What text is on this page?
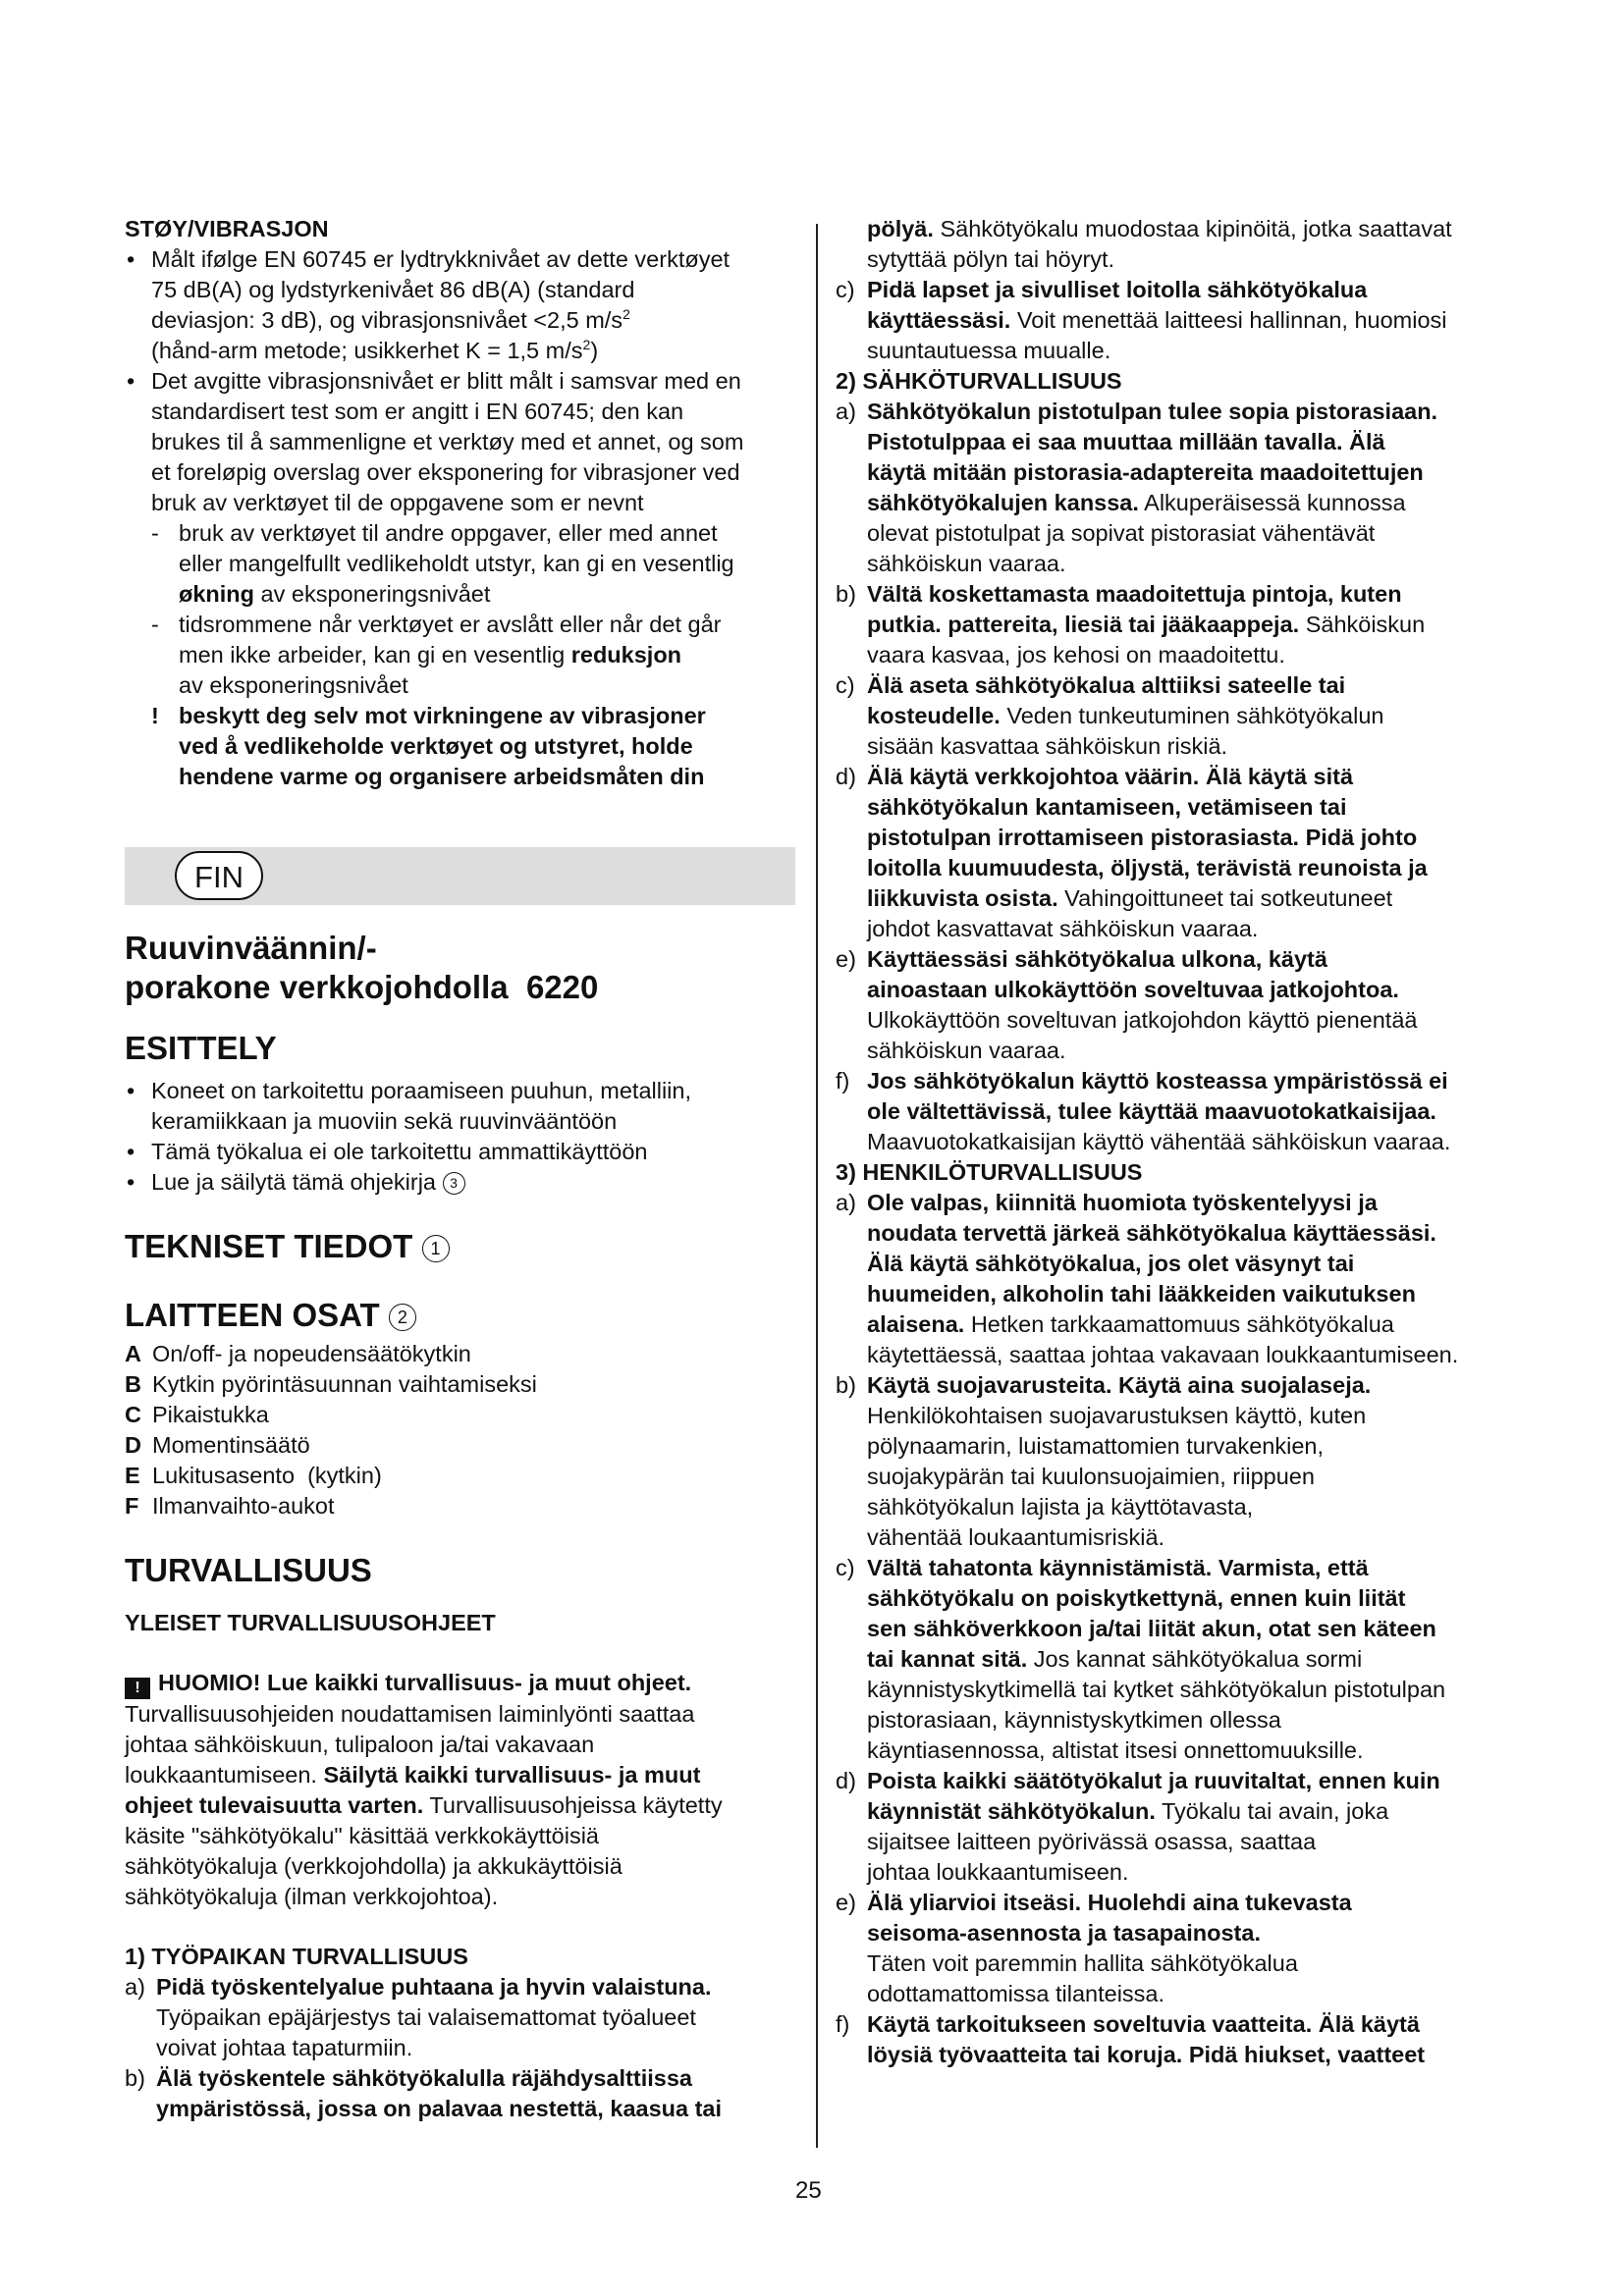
STØY/VIBRASJON
• Målt ifølge EN 60745 er lydtrykknivået av dette verktøyet
75 dB(A) og lydstyrkenivået 86 dB(A) (standard
deviasjon: 3 dB), og vibrasjonsnivået <2,5 $m/s^2$
(hånd-arm metode; usikkerhet K = 1,5 $m/s^2$)
• Det avgitte vibrasjonsnivået er blitt målt i samsvar med en
standardisert test som er angitt i EN 60745; den kan
brukes til å sammenligne et verktøy med et annet, og som
et foreløpig overslag over eksponering for vibrasjoner ved
bruk av verktøyet til de oppgavene som er nevnt
- bruk av verktøyet til andre oppgaver, eller med annet
eller mangelfullt vedlikeholdt utstyr, kan gi en vesentlig
økning av eksponeringsnivået
- tidsrommene når verktøyet er avslått eller når det går
men ikke arbeider, kan gi en vesentlig reduksjon
av eksponeringsnivået
! beskytt deg selv mot virkningene av vibrasjoner
ved å vedlikeholde verktøyet og utstyret, holde
hendene varme og organisere arbeidsmåten din
FIN
Ruuvinväännin/-
porakone verkkojohdolla  6220
ESITTELY
• Koneet on tarkoitettu poraamiseen puuhun, metalliin,
keramiikkaan ja muoviin sekä ruuvinvääntöön
• Tämä työkalua ei ole tarkoitettu ammattikäyttöön
• Lue ja säilytä tämä ohjekirja 3
TEKNISET TIEDOT 1
LAITTEEN OSAT 2
A On/off- ja nopeudensäätökytkin
B Kytkin pyörintäsuunnan vaihtamiseksi
C Pikaistukka
D Momentinsäätö
E Lukitusasento  (kytkin)
F Ilmanvaihto-aukot
TURVALLISUUS
YLEISET TURVALLISUUSOHJEET
! HUOMIO! Lue kaikki turvallisuus- ja muut ohjeet.
Turvallisuusohjeiden noudattamisen laiminlyönti saattaa
johtaa sähköiskuun, tulipaloon ja/tai vakavaan
loukkaantumiseen. Säilytä kaikki turvallisuus- ja muut
ohjeet tulevaisuutta varten. Turvallisuusohjeissa käytetty
käsite "sähkötyökalu" käsittää verkkokäyttöisiä
sähkötyökaluja (verkkojohdolla) ja akkukäyttöisiä
sähkötyökaluja (ilman verkkojohtoa).
1) TYÖPAIKAN TURVALLISUUS
a) Pidä työskentelyalue puhtaana ja hyvin valaistuna.
Työpaikan epäjärjestys tai valaisemattomat työalueet
voivat johtaa tapaturmiin.
b) Älä työskentele sähkötyökalulla räjähdysalttiissa
ympäristössä, jossa on palavaa nestettä, kaasua tai
pölyä. Sähkötyökalu muodostaa kipinöitä, jotka saattavat
sytyttää pölyn tai höyryt.
c) Pidä lapset ja sivulliset loitolla sähkötyökalua
käyttäessäsi. Voit menettää laitteesi hallinnan, huomiosi
suuntautuessa muualle.
2) SÄHKÖTURVALLISUUS
a) Sähkötyökalun pistotulpan tulee sopia pistorasiaan.
Pistotulppaa ei saa muuttaa millään tavalla. Älä
käytä mitään pistorasia-adaptereita maadoitettujen
sähkötyökalujen kanssa. Alkuperäisessä kunnossa
olevat pistotulpat ja sopivat pistorasiat vähentävät
sähköiskun vaaraa.
b) Vältä koskettamasta maadoitettuja pintoja, kuten
putkia. pattereita, liesiä tai jääkaappeja. Sähköiskun
vaara kasvaa, jos kehosi on maadoitettu.
c) Älä aseta sähkötyökalua alttiiksi sateelle tai
kosteudelle. Veden tunkeutuminen sähkötyökalun
sisään kasvattaa sähköiskun riskiä.
d) Älä käytä verkkojohtoa väärin. Älä käytä sitä
sähkötyökalun kantamiseen, vetämiseen tai
pistotulpan irrottamiseen pistorasiasta. Pidä johto
loitolla kuumuudesta, öljystä, terävistä reunoista ja
liikkuvista osista. Vahingoittuneet tai sotkeutuneet
johdot kasvattavat sähköiskun vaaraa.
e) Käyttäessäsi sähkötyökalua ulkona, käytä
ainoastaan ulkokäyttöön soveltuvaa jatkojohtoa.
Ulkokäyttöön soveltuvan jatkojohdon käyttö pienentää
sähköiskun vaaraa.
f) Jos sähkötyökalun käyttö kosteassa ympäristössä ei
ole vältettävissä, tulee käyttää maavuotokatkaisijaa.
Maavuotokatkaisijan käyttö vähentää sähköiskun vaaraa.
3) HENKILÖTURVALLISUUS
a) Ole valpas, kiinnitä huomiota työskentelyysi ja
noudata tervettä järkeä sähkötyökalua käyttäessäsi.
Älä käytä sähkötyökalua, jos olet väsynyt tai
huumeiden, alkoholin tahi lääkkeiden vaikutuksen
alaisena. Hetken tarkkaamattomuus sähkötyökalua
käytettäessä, saattaa johtaa vakavaan loukkaantumiseen.
b) Käytä suojavarusteita. Käytä aina suojalaseja.
Henkilökohtaisen suojavarustuksen käyttö, kuten
pölynaamarin, luistamattomien turvakenkien,
suojakypärän tai kuulonsuojaimien, riippuen
sähkötyökalun lajista ja käyttötavasta,
vähentää loukaantumisriskiä.
c) Vältä tahatonta käynnistämistä. Varmista, että
sähkötyökalu on poiskytkettynä, ennen kuin liität
sen sähköverkkoon ja/tai liität akun, otat sen käteen
tai kannat sitä. Jos kannat sähkötyökalua sormi
käynnistyskytkimellä tai kytket sähkötyökalun pistotulpan
pistorasiaan, käynnistyskytkimen ollessa
käyntiasennossa, altistat itsesi onnettomuuksille.
d) Poista kaikki säätötyökalut ja ruuvitaltat, ennen kuin
käynnistät sähkötyökalun. Työkalu tai avain, joka
sijaitsee laitteen pyörivässä osassa, saattaa
johtaa loukkaantumiseen.
e) Älä yliarvioi itseäsi. Huolehdi aina tukevasta
seisoma-asennosta ja tasapainosta.
Täten voit paremmin hallita sähkötyökalua
odottamattomissa tilanteissa.
f) Käytä tarkoitukseen soveltuvia vaatteita. Älä käytä
löysiä työvaatteita tai koruja. Pidä hiukset, vaatteet
25
